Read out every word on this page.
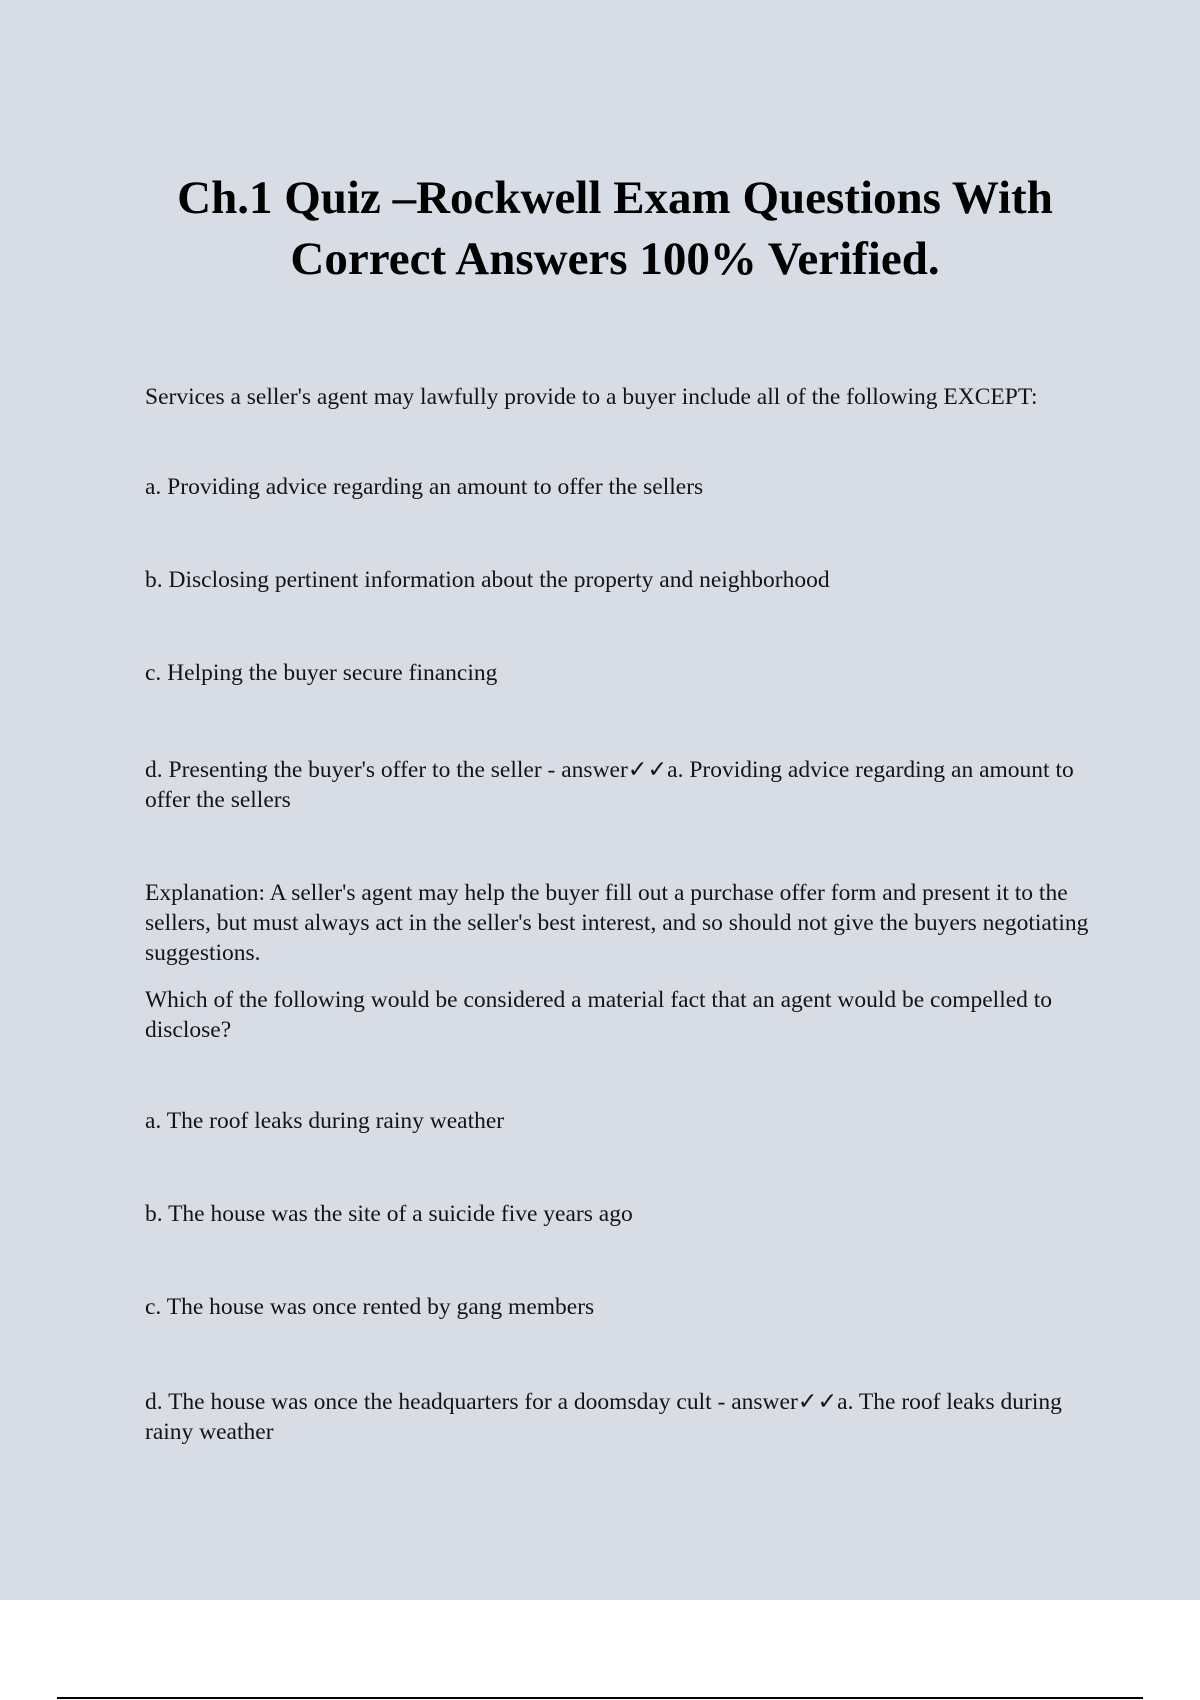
Ch.1 Quiz –Rockwell Exam Questions With Correct Answers 100% Verified.

Services a seller's agent may lawfully provide to a buyer include all of the following EXCEPT:

a. Providing advice regarding an amount to offer the sellers

b. Disclosing pertinent information about the property and neighborhood

c. Helping the buyer secure financing

d. Presenting the buyer's offer to the seller - answer✓✓a. Providing advice regarding an amount to offer the sellers

Explanation: A seller's agent may help the buyer fill out a purchase offer form and present it to the sellers, but must always act in the seller's best interest, and so should not give the buyers negotiating suggestions.

Which of the following would be considered a material fact that an agent would be compelled to disclose?

a. The roof leaks during rainy weather

b. The house was the site of a suicide five years ago

c. The house was once rented by gang members

d. The house was once the headquarters for a doomsday cult - answer✓✓a. The roof leaks during rainy weather
